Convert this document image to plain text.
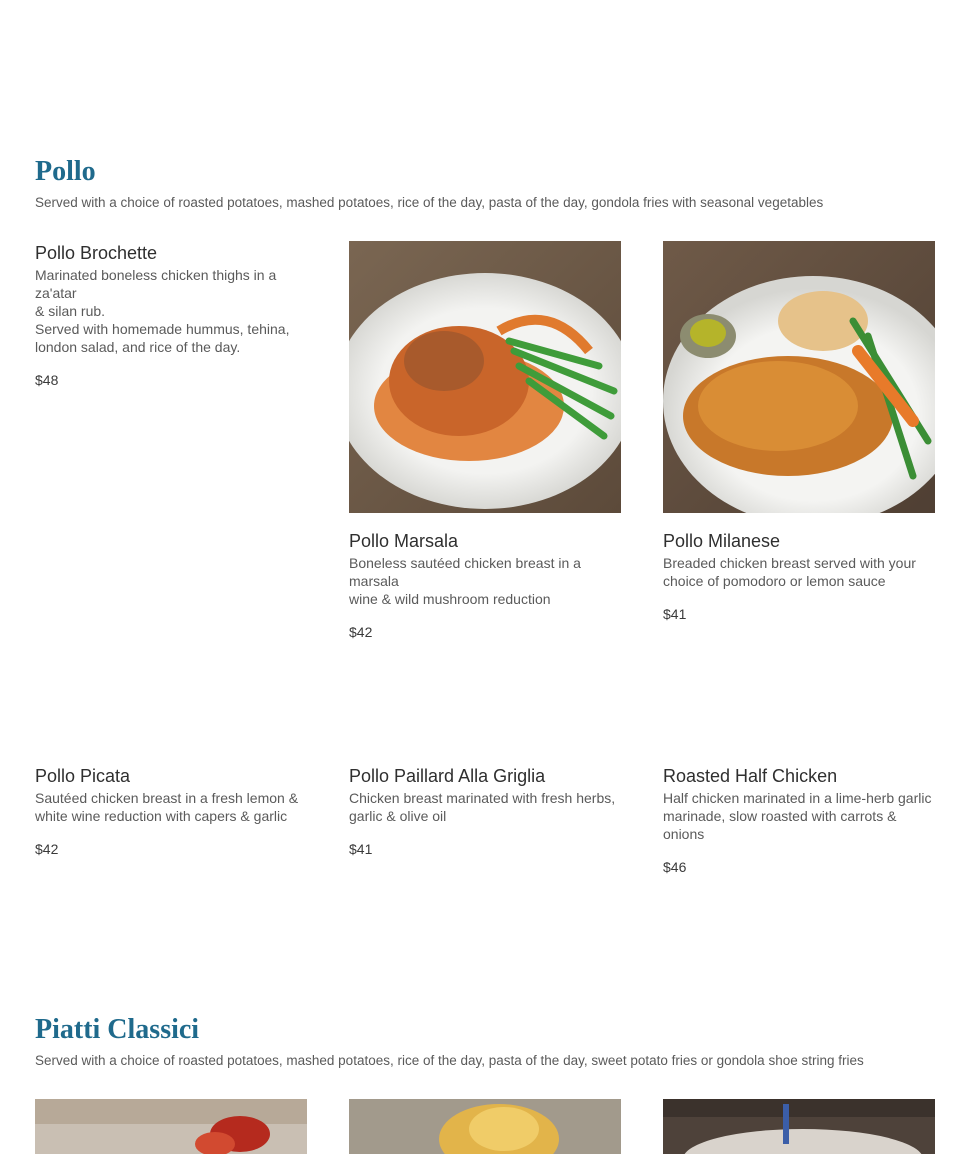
Pollo
Served with a choice of roasted potatoes, mashed potatoes, rice of the day, pasta of the day, gondola fries with seasonal vegetables
Pollo Brochette
Marinated boneless chicken thighs in a za'atar
& silan rub.
Served with homemade hummus, tehina,
london salad, and rice of the day.
$48
Pollo Marsala
Boneless sautéed chicken breast in a marsala
wine & wild mushroom reduction
$42
Pollo Milanese
Breaded chicken breast served with your
choice of pomodoro or lemon sauce
$41
Pollo Picata
Sautéed chicken breast in a fresh lemon &
white wine reduction with capers & garlic
$42
Pollo Paillard Alla Griglia
Chicken breast marinated with fresh herbs,
garlic & olive oil
$41
Roasted Half Chicken
Half chicken marinated in a lime-herb garlic
marinade, slow roasted with carrots & onions
$46
Piatti Classici
Served with a choice of roasted potatoes, mashed potatoes, rice of the day, pasta of the day, sweet potato fries or gondola shoe string fries
